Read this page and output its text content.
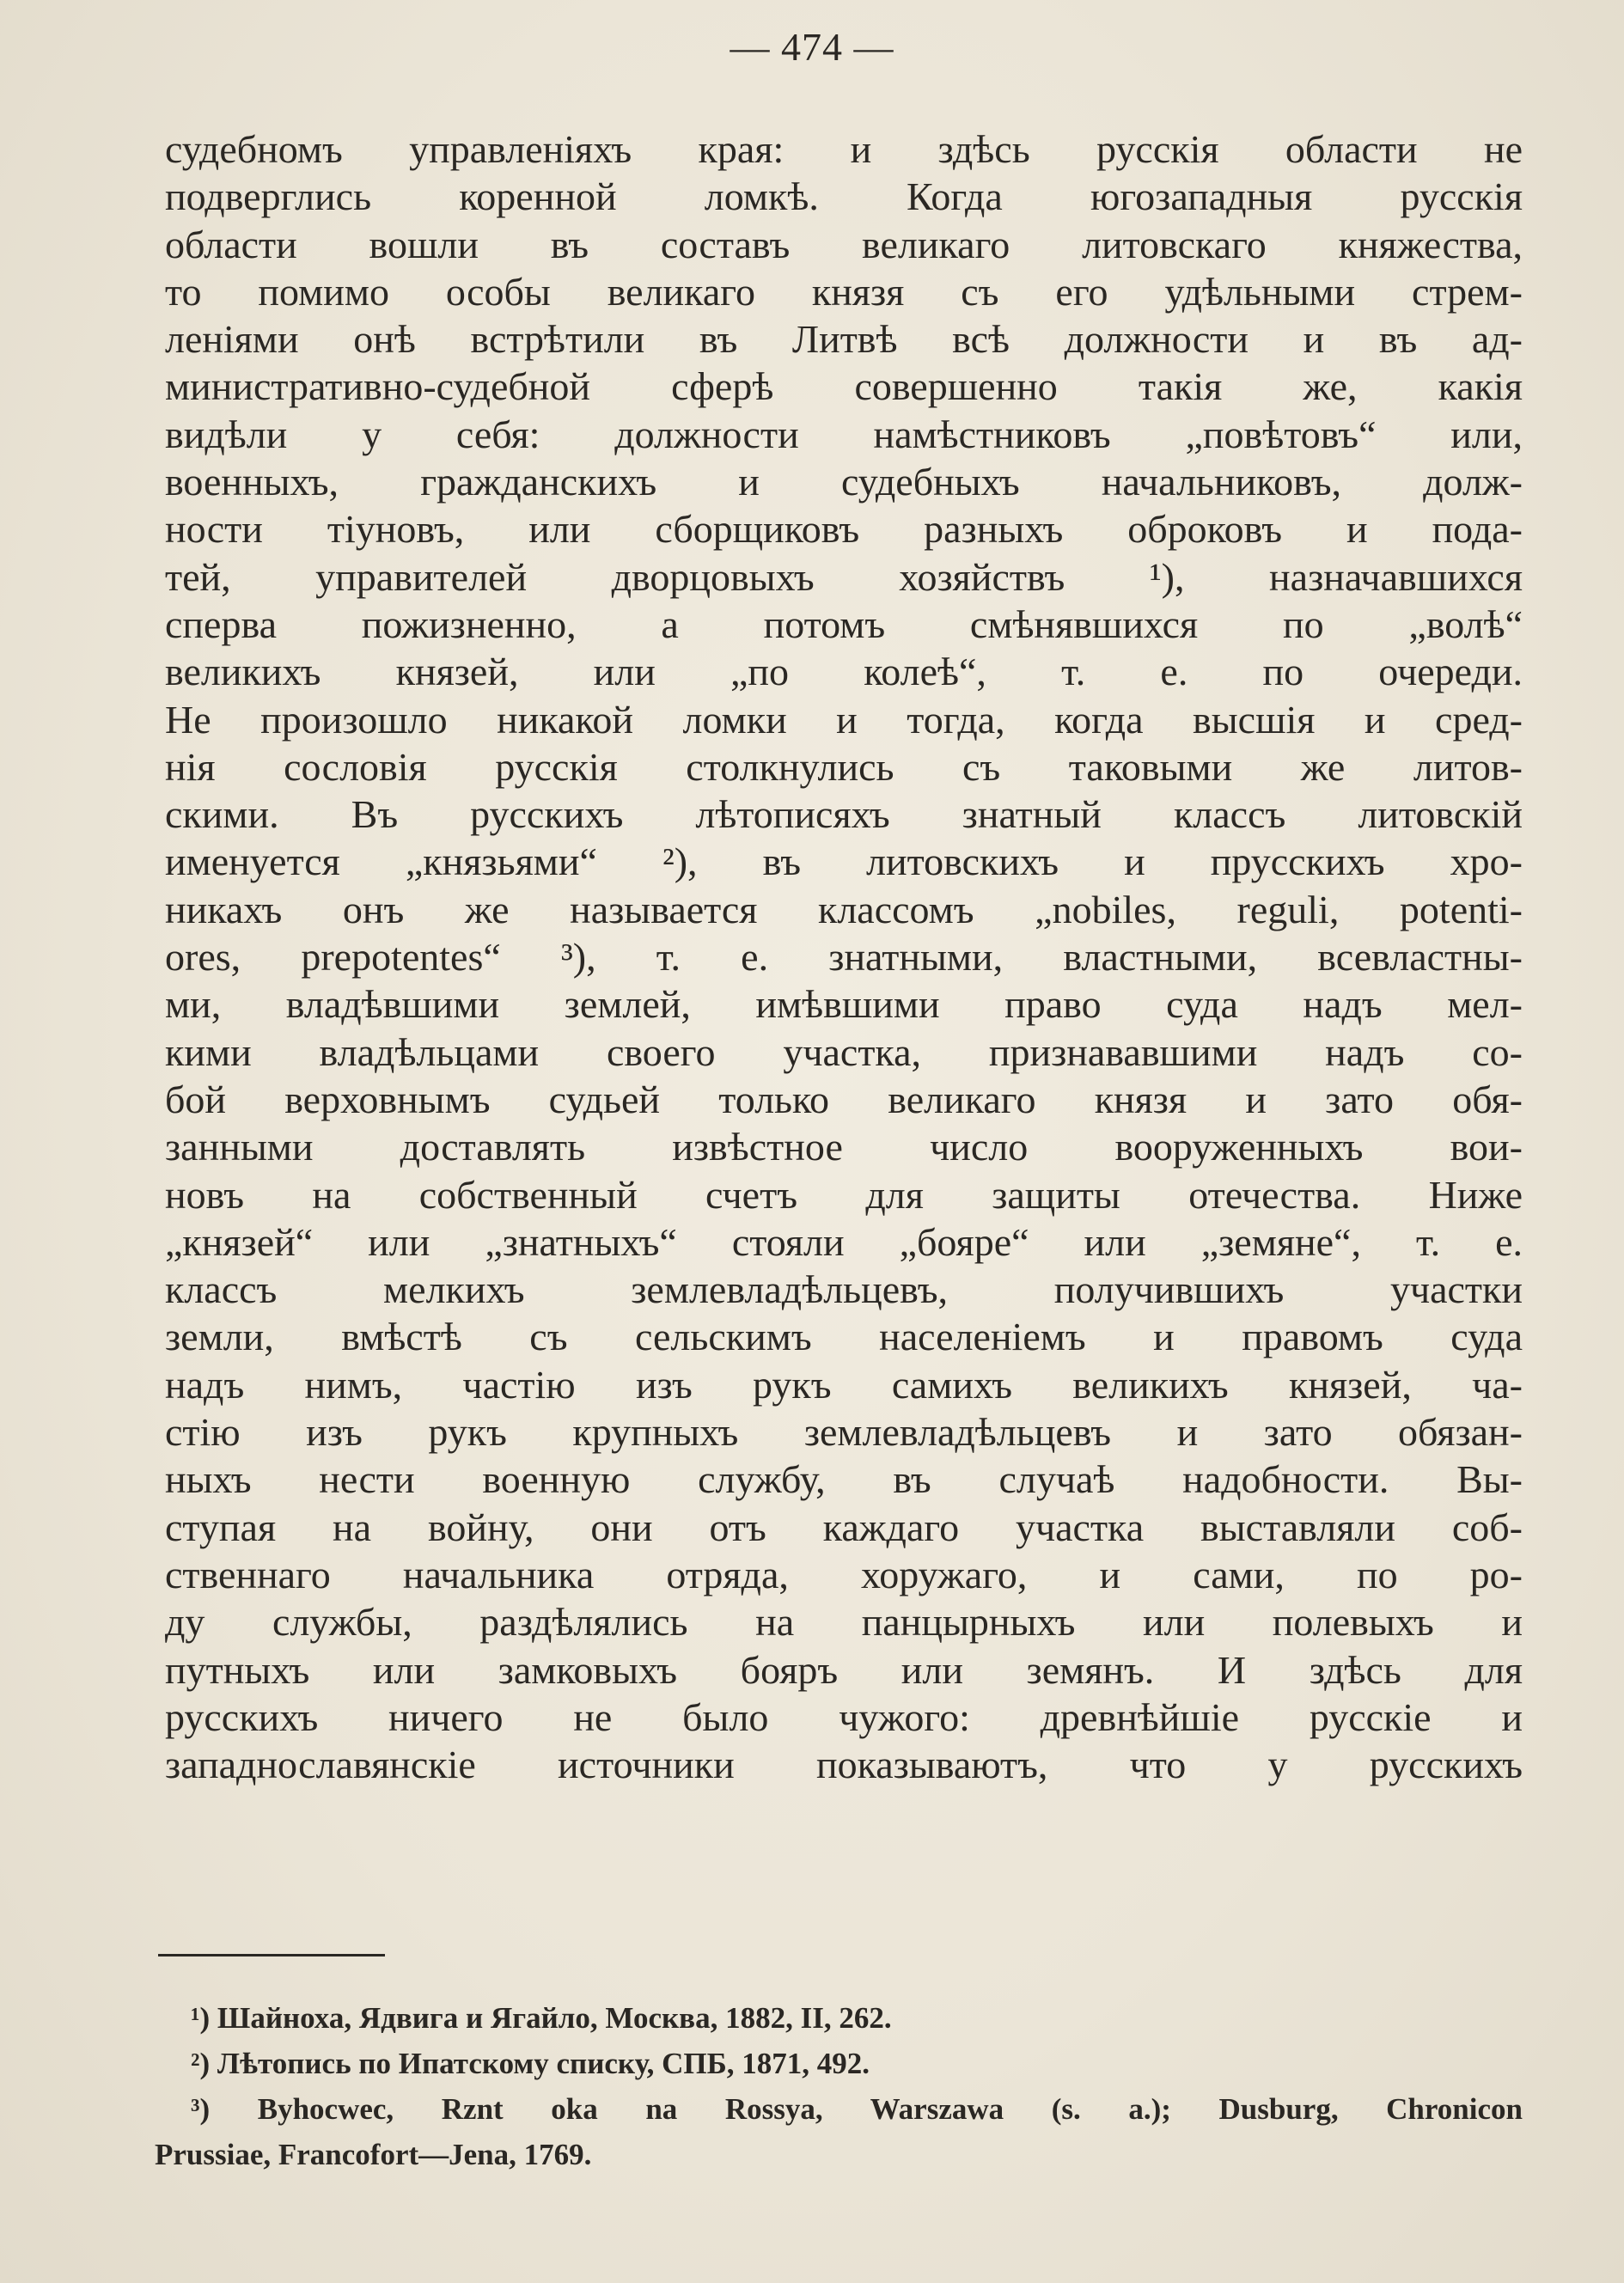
— 474 —
судебномъ управленіяхъ края: и здѣсь русскія области не
подверглись коренной ломкѣ. Когда югозападныя русскія
области вошли въ составъ великаго литовскаго княжества,
то помимо особы великаго князя съ его удѣльными стрем-
леніями онѣ встрѣтили въ Литвѣ всѣ должности и въ ад-
министративно-судебной сферѣ совершенно такія же, какія
видѣли у себя: должности намѣстниковъ „повѣтовъ“ или,
военныхъ, гражданскихъ и судебныхъ начальниковъ, долж-
ности тіуновъ, или сборщиковъ разныхъ оброковъ и пода-
тей, управителей дворцовыхъ хозяйствъ ¹), назначавшихся
сперва пожизненно, а потомъ смѣнявшихся по „волѣ“
великихъ князей, или „по колеѣ“, т. е. по очереди.
Не произошло никакой ломки и тогда, когда высшія и сред-
нія сословія русскія столкнулись съ таковыми же литов-
скими. Въ русскихъ лѣтописяхъ знатный классъ литовскій
именуется „князьями“ ²), въ литовскихъ и прусскихъ хро-
никахъ онъ же называется классомъ „nobiles, reguli, potenti-
ores, prepotentes“ ³), т. е. знатными, властными, всевластны-
ми, владѣвшими землей, имѣвшими право суда надъ мел-
кими владѣльцами своего участка, признававшими надъ со-
бой верховнымъ судьей только великаго князя и зато обя-
занными доставлять извѣстное число вооруженныхъ вои-
новъ на собственный счетъ для защиты отечества. Ниже
„князей“ или „знатныхъ“ стояли „бояре“ или „земяне“, т. е.
классъ мелкихъ землевладѣльцевъ, получившихъ участки
земли, вмѣстѣ съ сельскимъ населеніемъ и правомъ суда
надъ нимъ, частію изъ рукъ самихъ великихъ князей, ча-
стію изъ рукъ крупныхъ землевладѣльцевъ и зато обязан-
ныхъ нести военную службу, въ случаѣ надобности. Вы-
ступая на войну, они отъ каждаго участка выставляли соб-
ственнаго начальника отряда, хоружаго, и сами, по ро-
ду службы, раздѣлялись на панцырныхъ или полевыхъ и
путныхъ или замковыхъ бояръ или земянъ. И здѣсь для
русскихъ ничего не было чужого: древнѣйшіе русскіе и
западнославянскіе источники показываютъ, что у русскихъ
¹) Шайноха, Ядвига и Ягайло, Москва, 1882, II, 262.
²) Лѣтопись по Ипатскому списку, СПБ, 1871, 492.
³) Byhocwec, Rznt oka na Rossya, Warszawa (s. a.); Dusburg, Chronicon
Prussiae, Francofort—Jena, 1769.
